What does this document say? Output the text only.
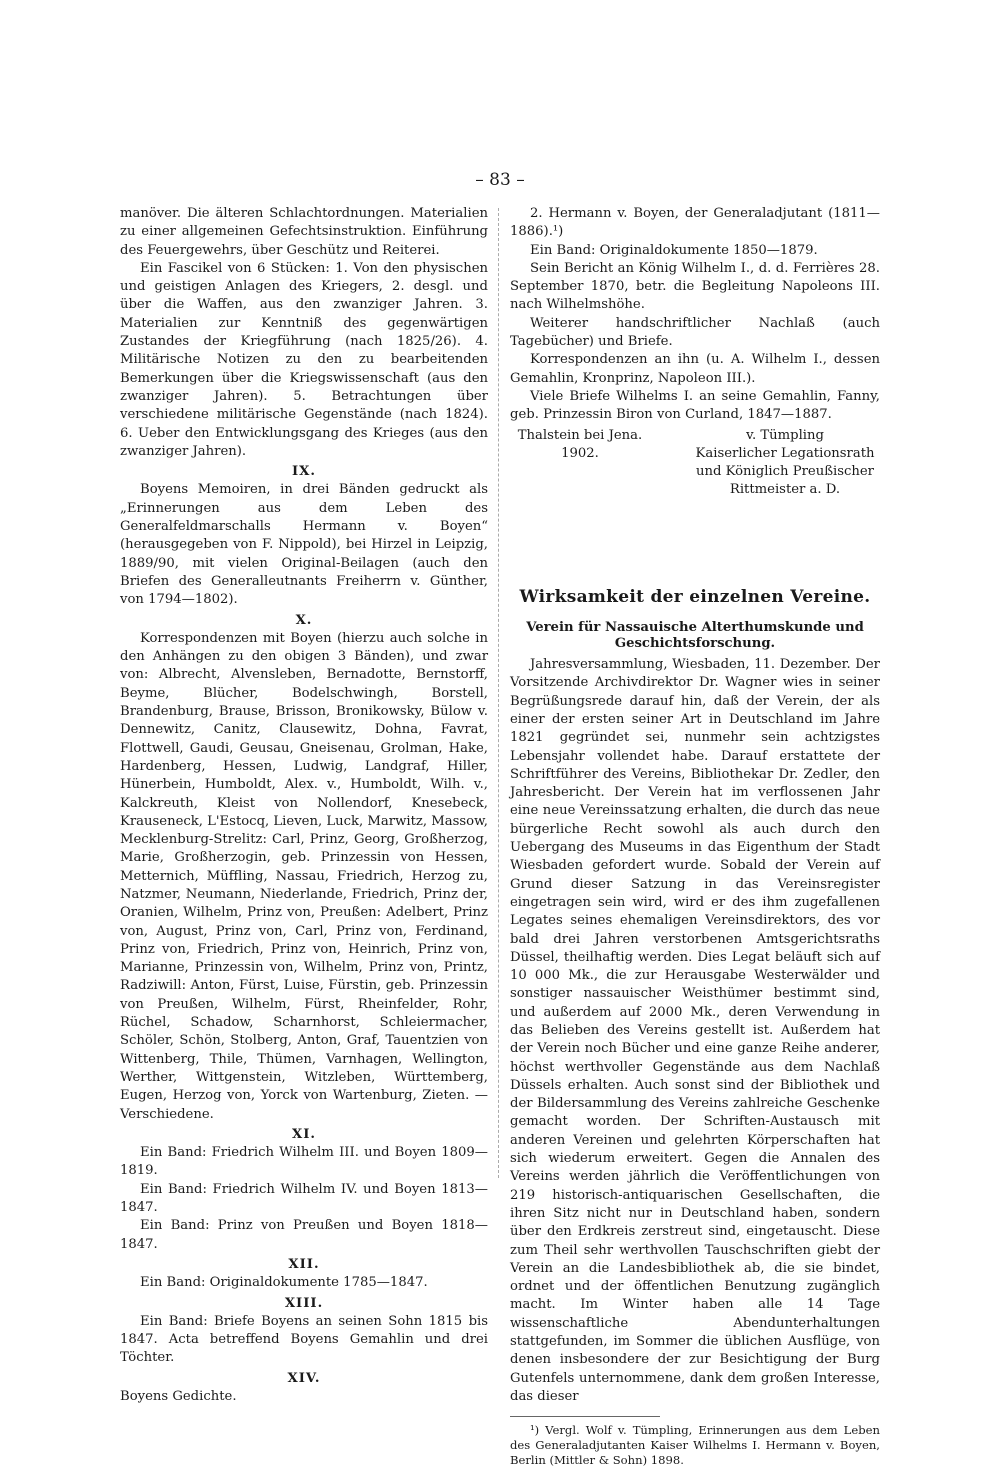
– 83 –

manöver. Die älteren Schlachtordnungen. Materialien zu einer allgemeinen Gefechtsinstruktion. Einführung des Feuergewehrs, über Geschütz und Reiterei.

Ein Fascikel von 6 Stücken: 1. Von den physischen und geistigen Anlagen des Kriegers, 2. desgl. und über die Waffen, aus den zwanziger Jahren. 3. Materialien zur Kenntniß des gegenwärtigen Zustandes der Kriegführung (nach 1825/26). 4. Militärische Notizen zu den zu bearbeitenden Bemerkungen über die Kriegswissenschaft (aus den zwanziger Jahren). 5. Betrachtungen über verschiedene militärische Gegenstände (nach 1824). 6. Ueber den Entwicklungsgang des Krieges (aus den zwanziger Jahren).

IX.

Boyens Memoiren, in drei Bänden gedruckt als „Erinnerungen aus dem Leben des Generalfeldmarschalls Hermann v. Boyen“ (herausgegeben von F. Nippold), bei Hirzel in Leipzig, 1889/90, mit vielen Original-Beilagen (auch den Briefen des Generalleutnants Freiherrn v. Günther, von 1794—1802).

X.

Korrespondenzen mit Boyen (hierzu auch solche in den Anhängen zu den obigen 3 Bänden), und zwar von: Albrecht, Alvensleben, Bernadotte, Bernstorff, Beyme, Blücher, Bodelschwingh, Borstell, Brandenburg, Brause, Brisson, Bronikowsky, Bülow v. Dennewitz, Canitz, Clausewitz, Dohna, Favrat, Flottwell, Gaudi, Geusau, Gneisenau, Grolman, Hake, Hardenberg, Hessen, Ludwig, Landgraf, Hiller, Hünerbein, Humboldt, Alex. v., Humboldt, Wilh. v., Kalckreuth, Kleist von Nollendorf, Knesebeck, Krauseneck, L'Estocq, Lieven, Luck, Marwitz, Massow, Mecklenburg-Strelitz: Carl, Prinz, Georg, Großherzog, Marie, Großherzogin, geb. Prinzessin von Hessen, Metternich, Müffling, Nassau, Friedrich, Herzog zu, Natzmer, Neumann, Niederlande, Friedrich, Prinz der, Oranien, Wilhelm, Prinz von, Preußen: Adelbert, Prinz von, August, Prinz von, Carl, Prinz von, Ferdinand, Prinz von, Friedrich, Prinz von, Heinrich, Prinz von, Marianne, Prinzessin von, Wilhelm, Prinz von, Printz, Radziwill: Anton, Fürst, Luise, Fürstin, geb. Prinzessin von Preußen, Wilhelm, Fürst, Rheinfelder, Rohr, Rüchel, Schadow, Scharnhorst, Schleiermacher, Schöler, Schön, Stolberg, Anton, Graf, Tauentzien von Wittenberg, Thile, Thümen, Varnhagen, Wellington, Werther, Wittgenstein, Witzleben, Württemberg, Eugen, Herzog von, Yorck von Wartenburg, Zieten. — Verschiedene.

XI.

Ein Band: Friedrich Wilhelm III. und Boyen 1809—1819.

Ein Band: Friedrich Wilhelm IV. und Boyen 1813—1847.

Ein Band: Prinz von Preußen und Boyen 1818—1847.

XII.

Ein Band: Originaldokumente 1785—1847.

XIII.

Ein Band: Briefe Boyens an seinen Sohn 1815 bis 1847. Acta betreffend Boyens Gemahlin und drei Töchter.

XIV.

Boyens Gedichte.

2. Hermann v. Boyen, der Generaladjutant (1811—1886).¹)

Ein Band: Originaldokumente 1850—1879.

Sein Bericht an König Wilhelm I., d. d. Ferrières 28. September 1870, betr. die Begleitung Napoleons III. nach Wilhelmshöhe.

Weiterer handschriftlicher Nachlaß (auch Tagebücher) und Briefe.

Korrespondenzen an ihn (u. A. Wilhelm I., dessen Gemahlin, Kronprinz, Napoleon III.).

Viele Briefe Wilhelms I. an seine Gemahlin, Fanny, geb. Prinzessin Biron von Curland, 1847—1887.

Thalstein bei Jena. 1902.
v. Tümpling
Kaiserlicher Legationsrath und Königlich Preußischer Rittmeister a. D.

Wirksamkeit der einzelnen Vereine.

Verein für Nassauische Alterthumskunde und Geschichtsforschung.

Jahresversammlung, Wiesbaden, 11. Dezember. Der Vorsitzende Archivdirektor Dr. Wagner wies in seiner Begrüßungsrede darauf hin, daß der Verein, der als einer der ersten seiner Art in Deutschland im Jahre 1821 gegründet sei, nunmehr sein achtzigstes Lebensjahr vollendet habe. Darauf erstattete der Schriftführer des Vereins, Bibliothekar Dr. Zedler, den Jahresbericht. Der Verein hat im verflossenen Jahr eine neue Vereinssatzung erhalten, die durch das neue bürgerliche Recht sowohl als auch durch den Uebergang des Museums in das Eigenthum der Stadt Wiesbaden gefordert wurde. Sobald der Verein auf Grund dieser Satzung in das Vereinsregister eingetragen sein wird, wird er des ihm zugefallenen Legates seines ehemaligen Vereinsdirektors, des vor bald drei Jahren verstorbenen Amtsgerichtsraths Düssel, theilhaftig werden. Dies Legat beläuft sich auf 10 000 Mk., die zur Herausgabe Westerwälder und sonstiger nassauischer Weisthümer bestimmt sind, und außerdem auf 2000 Mk., deren Verwendung in das Belieben des Vereins gestellt ist. Außerdem hat der Verein noch Bücher und eine ganze Reihe anderer, höchst werthvoller Gegenstände aus dem Nachlaß Düssels erhalten. Auch sonst sind der Bibliothek und der Bildersammlung des Vereins zahlreiche Geschenke gemacht worden. Der Schriften-Austausch mit anderen Vereinen und gelehrten Körperschaften hat sich wiederum erweitert. Gegen die Annalen des Vereins werden jährlich die Veröffentlichungen von 219 historisch-antiquarischen Gesellschaften, die ihren Sitz nicht nur in Deutschland haben, sondern über den Erdkreis zerstreut sind, eingetauscht. Diese zum Theil sehr werthvollen Tauschschriften giebt der Verein an die Landesbibliothek ab, die sie bindet, ordnet und der öffentlichen Benutzung zugänglich macht. Im Winter haben alle 14 Tage wissenschaftliche Abendunterhaltungen stattgefunden, im Sommer die üblichen Ausflüge, von denen insbesondere der zur Besichtigung der Burg Gutenfels unternommene, dank dem großen Interesse, das dieser

¹) Vergl. Wolf v. Tümpling, Erinnerungen aus dem Leben des Generaladjutanten Kaiser Wilhelms I. Hermann v. Boyen, Berlin (Mittler & Sohn) 1898.
